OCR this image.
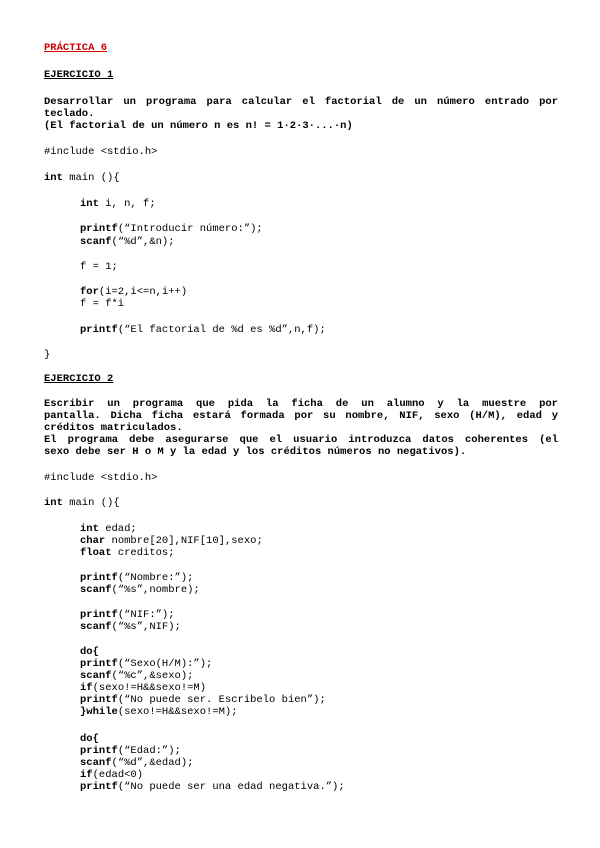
PRÁCTICA 6
EJERCICIO 1
Desarrollar un programa para calcular el factorial de un número entrado por
teclado.
(El factorial de un número n es n! = 1·2·3·...·n)
#include <stdio.h>
int main (){
int i, n, f;
printf(“Introducir número:”);
scanf(“%d”,&n);
f = 1;
for(i=2,i<=n,i++)
f = f*i
printf(“El factorial de %d es %d”,n,f);
}
EJERCICIO 2
Escribir un programa que pida la ficha de un alumno y la muestre por
pantalla. Dicha ficha estará formada por su nombre, NIF, sexo (H/M), edad y
créditos matriculados.
El programa debe asegurarse que el usuario introduzca datos coherentes (el
sexo debe ser H o M y la edad y los créditos números no negativos).
#include <stdio.h>
int main (){
int edad;
char nombre[20],NIF[10],sexo;
float creditos;
printf(“Nombre:”);
scanf(“%s”,nombre);
printf(“NIF:”);
scanf(“%s”,NIF);
do{
printf(“Sexo(H/M):”);
scanf(“%c”,&sexo);
if(sexo!=H&&sexo!=M)
printf(“No puede ser. Escribelo bien”);
}while(sexo!=H&&sexo!=M);
do{
printf(“Edad:”);
scanf(“%d”,&edad);
if(edad<0)
printf(“No puede ser una edad negativa.”);
